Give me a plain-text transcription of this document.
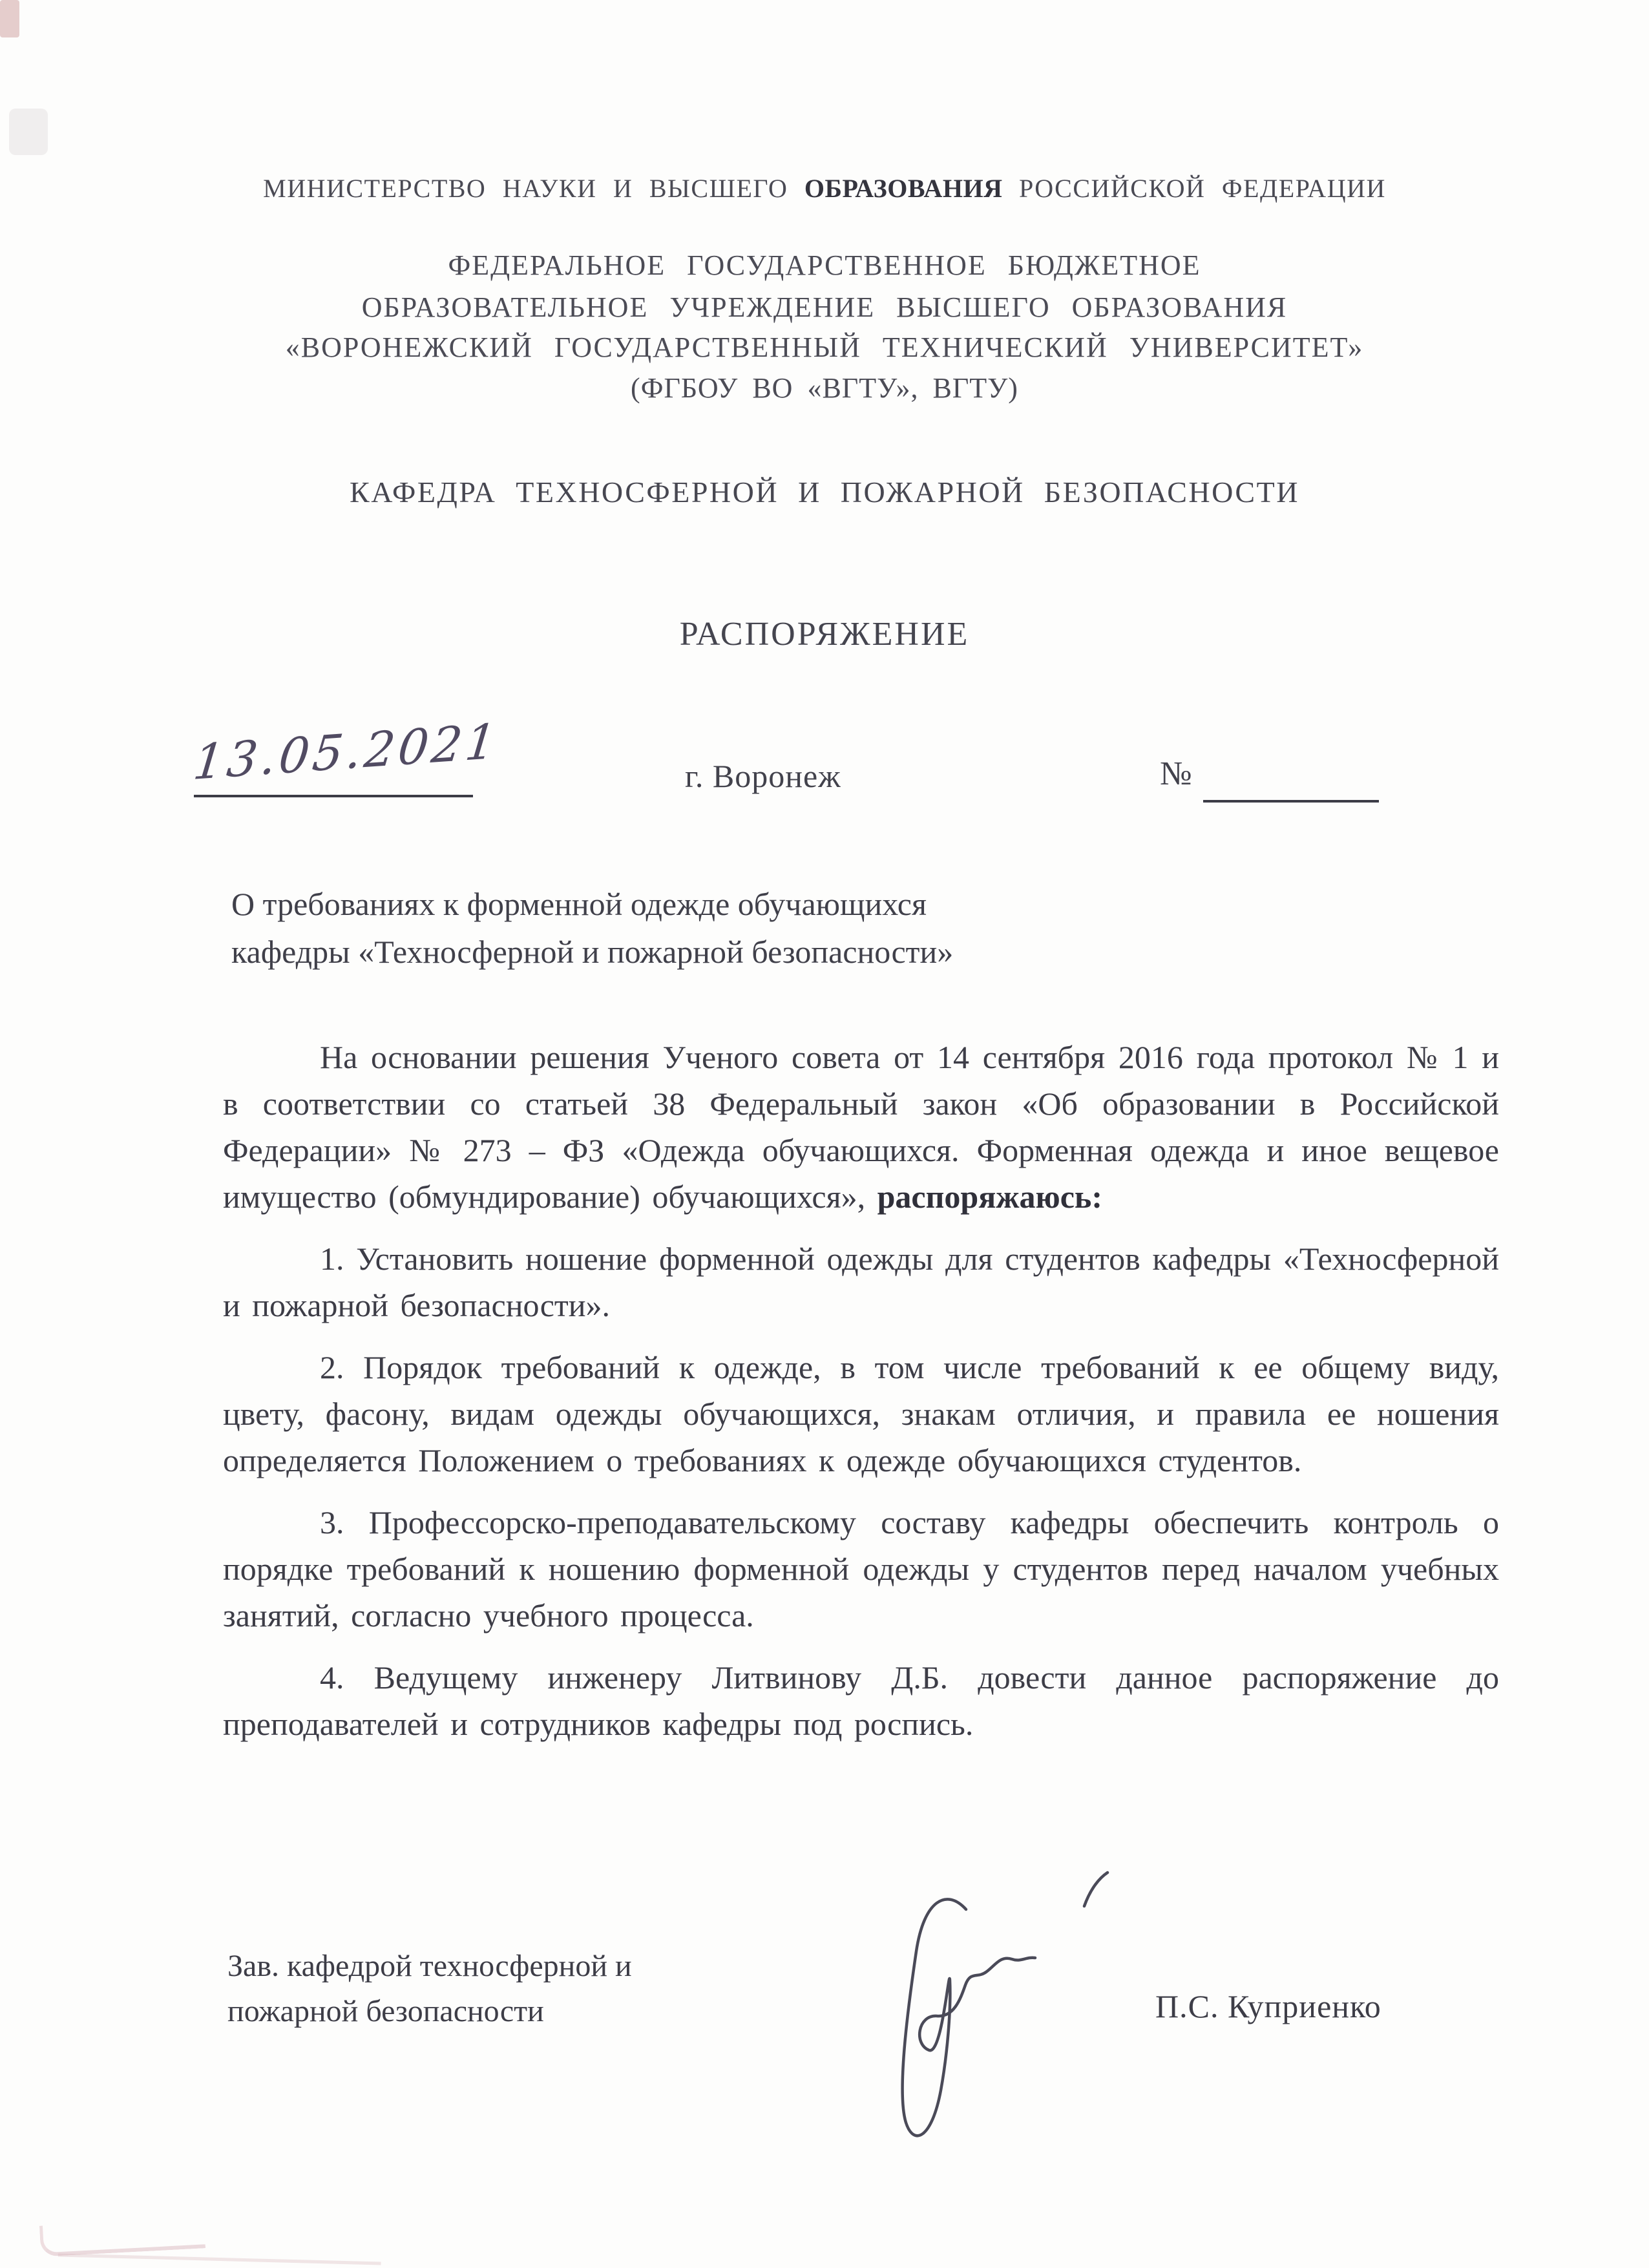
МИНИСТЕРСТВО НАУКИ И ВЫСШЕГО ОБРАЗОВАНИЯ РОССИЙСКОЙ ФЕДЕРАЦИИ
ФЕДЕРАЛЬНОЕ ГОСУДАРСТВЕННОЕ БЮДЖЕТНОЕ
ОБРАЗОВАТЕЛЬНОЕ УЧРЕЖДЕНИЕ ВЫСШЕГО ОБРАЗОВАНИЯ
«ВОРОНЕЖСКИЙ ГОСУДАРСТВЕННЫЙ ТЕХНИЧЕСКИЙ УНИВЕРСИТЕТ»
(ФГБОУ ВО «ВГТУ», ВГТУ)
КАФЕДРА ТЕХНОСФЕРНОЙ И ПОЖАРНОЙ БЕЗОПАСНОСТИ
РАСПОРЯЖЕНИЕ
13.05.2021	г. Воронеж	№
О требованиях к форменной одежде обучающихся
кафедры «Техносферной и пожарной безопасности»

На основании решения Ученого совета от 14 сентября 2016 года протокол № 1 и в соответствии со статьей 38 Федеральный закон «Об образовании в Российской Федерации» № 273 – ФЗ «Одежда обучающихся. Форменная одежда и иное вещевое имущество (обмундирование) обучающихся», распоряжаюсь:

1. Установить ношение форменной одежды для студентов кафедры «Техносферной и пожарной безопасности».

2. Порядок требований к одежде, в том числе требований к ее общему виду, цвету, фасону, видам одежды обучающихся, знакам отличия, и правила ее ношения определяется Положением о требованиях к одежде обучающихся студентов.

3. Профессорско-преподавательскому составу кафедры обеспечить контроль о порядке требований к ношению форменной одежды у студентов перед началом учебных занятий, согласно учебного процесса.

4. Ведущему инженеру Литвинову Д.Б. довести данное распоряжение до преподавателей и сотрудников кафедры под роспись.

Зав. кафедрой техносферной и
пожарной безопасности	П.С. Куприенко
